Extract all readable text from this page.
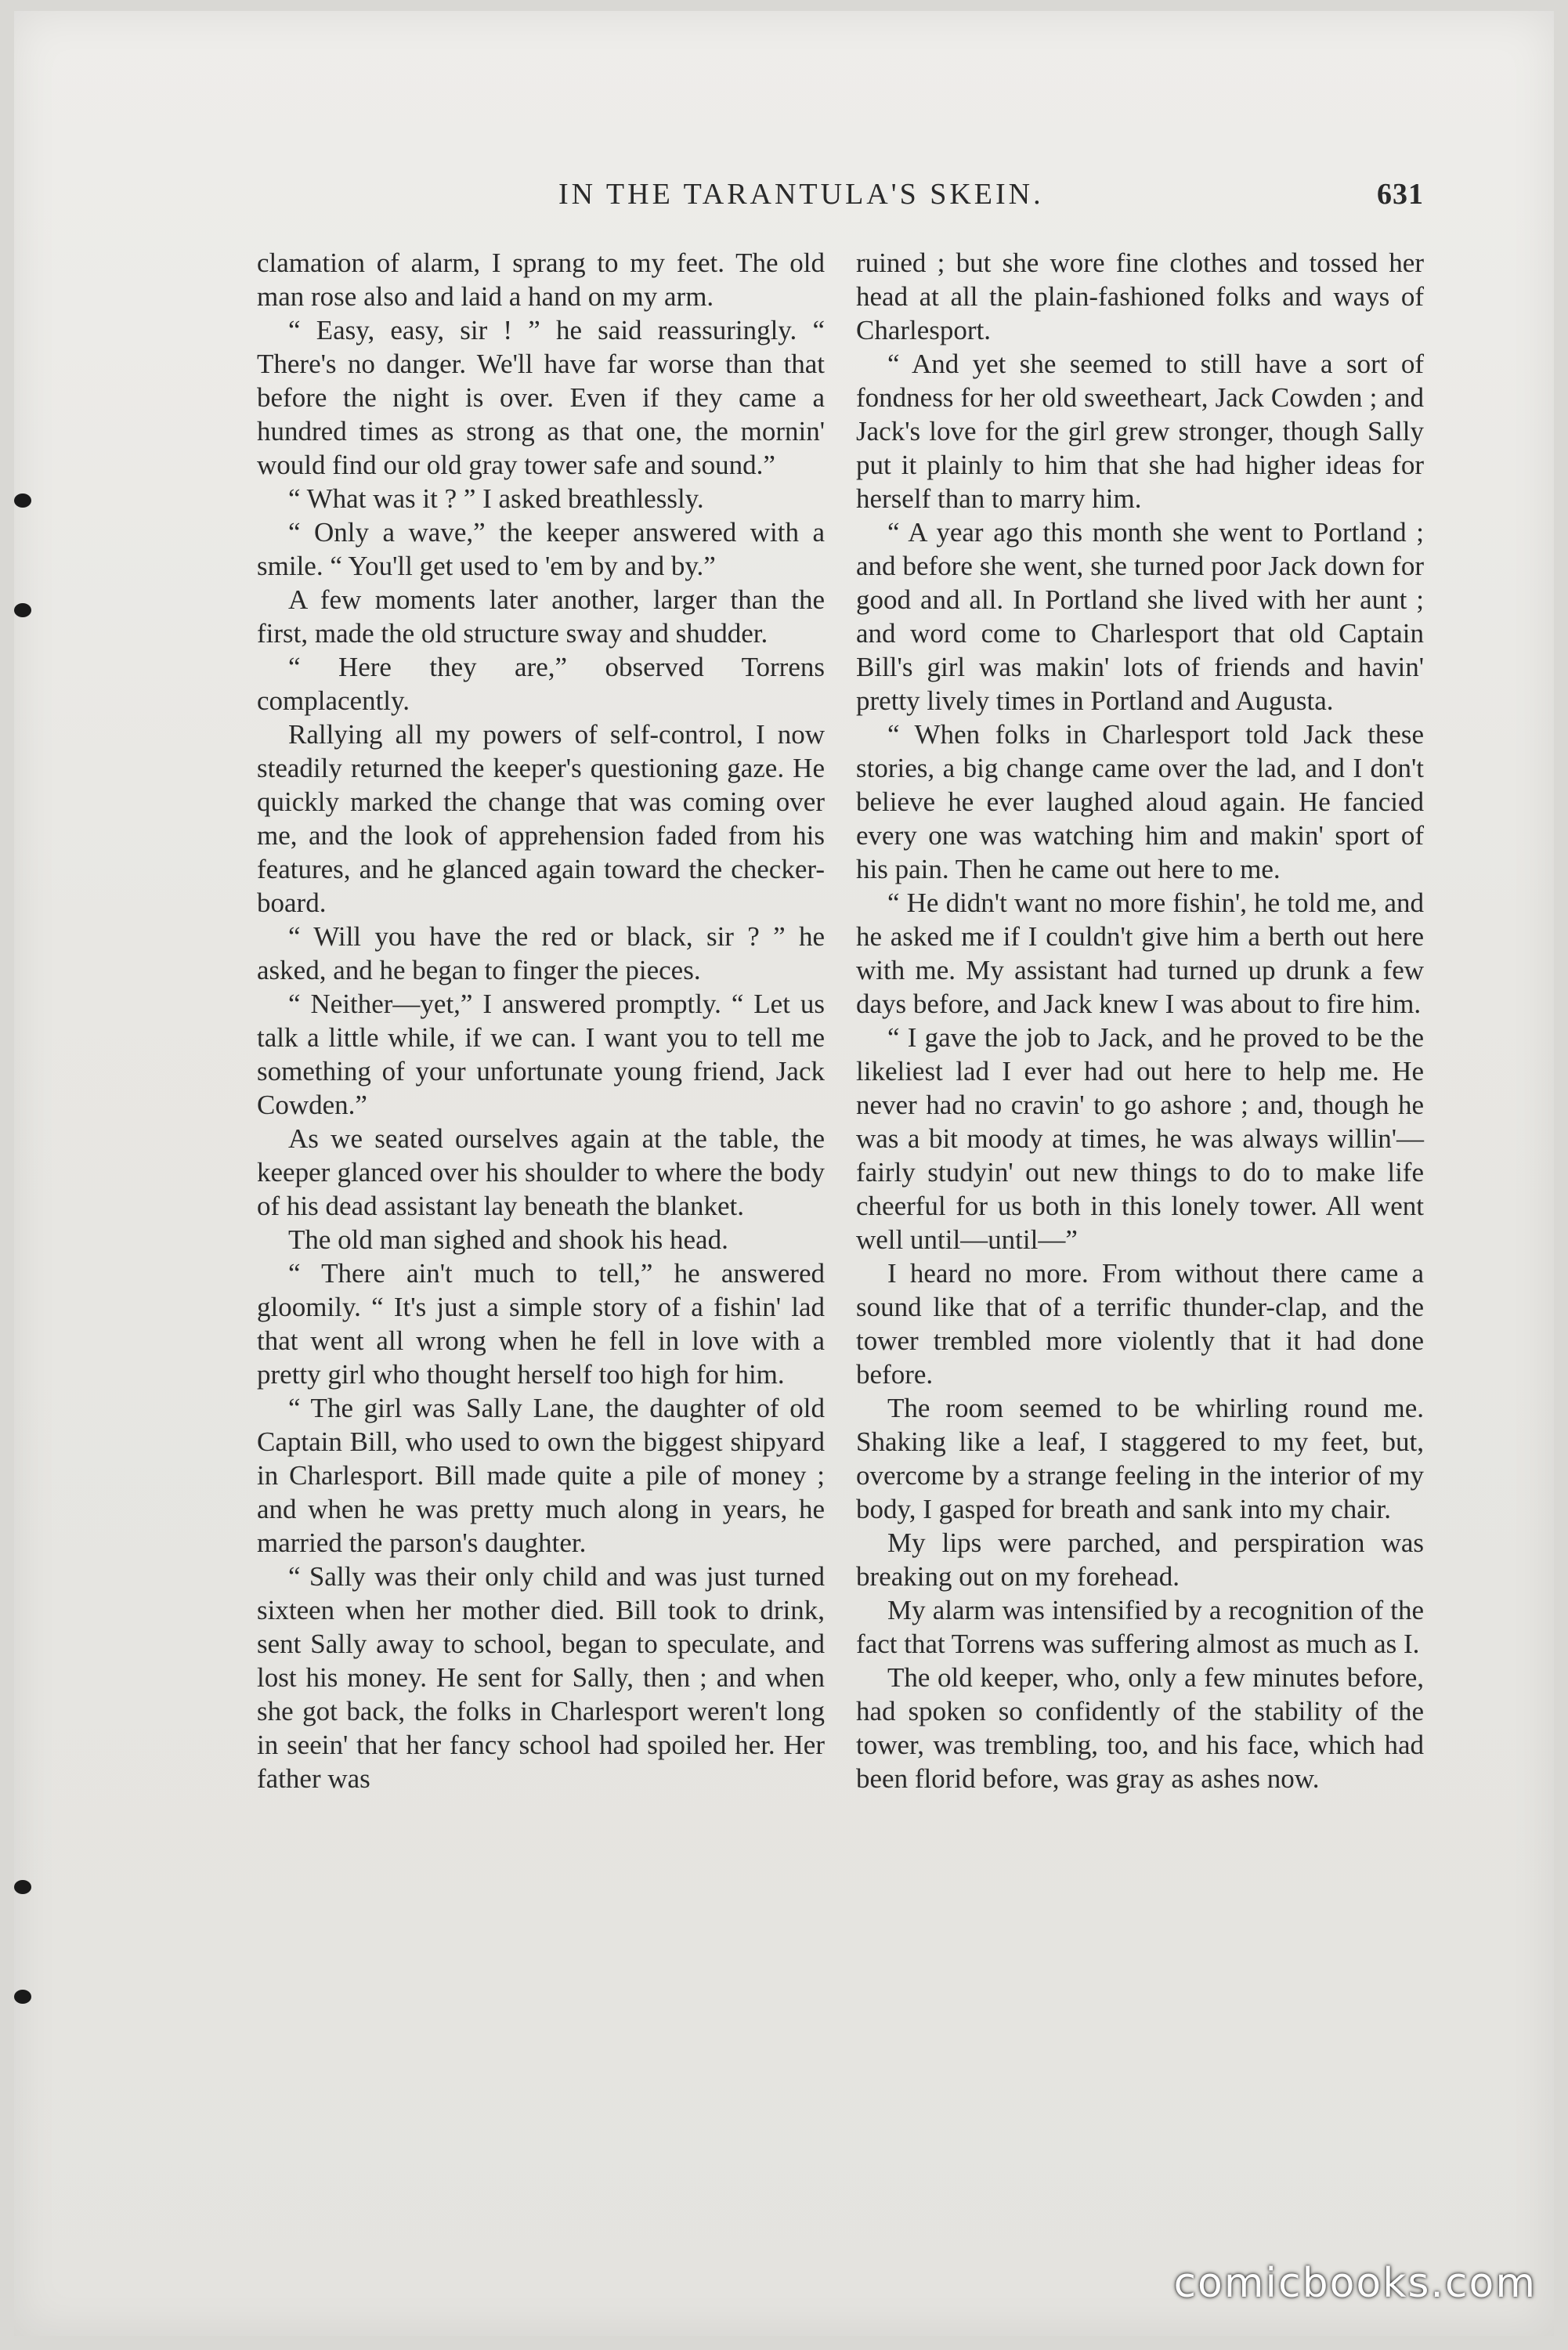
IN THE TARANTULA'S SKEIN.	631

clamation of alarm, I sprang to my feet. The old man rose also and laid a hand on my arm.

“ Easy, easy, sir ! ” he said reassuringly. “ There's no danger. We'll have far worse than that before the night is over. Even if they came a hundred times as strong as that one, the mornin' would find our old gray tower safe and sound.”

“ What was it ? ” I asked breathlessly.

“ Only a wave,” the keeper answered with a smile. “ You'll get used to 'em by and by.”

A few moments later another, larger than the first, made the old structure sway and shudder.

“ Here they are,” observed Torrens complacently.

Rallying all my powers of self-control, I now steadily returned the keeper's questioning gaze. He quickly marked the change that was coming over me, and the look of apprehension faded from his features, and he glanced again toward the checker-board.

“ Will you have the red or black, sir ? ” he asked, and he began to finger the pieces.

“ Neither—yet,” I answered promptly. “ Let us talk a little while, if we can. I want you to tell me something of your unfortunate young friend, Jack Cowden.”

As we seated ourselves again at the table, the keeper glanced over his shoulder to where the body of his dead assistant lay beneath the blanket.

The old man sighed and shook his head.

“ There ain't much to tell,” he answered gloomily. “ It's just a simple story of a fishin' lad that went all wrong when he fell in love with a pretty girl who thought herself too high for him.

“ The girl was Sally Lane, the daughter of old Captain Bill, who used to own the biggest shipyard in Charlesport. Bill made quite a pile of money ; and when he was pretty much along in years, he married the parson's daughter.

“ Sally was their only child and was just turned sixteen when her mother died. Bill took to drink, sent Sally away to school, began to speculate, and lost his money. He sent for Sally, then ; and when she got back, the folks in Charlesport weren't long in seein' that her fancy school had spoiled her. Her father was

ruined ; but she wore fine clothes and tossed her head at all the plain-fashioned folks and ways of Charlesport.

“ And yet she seemed to still have a sort of fondness for her old sweetheart, Jack Cowden ; and Jack's love for the girl grew stronger, though Sally put it plainly to him that she had higher ideas for herself than to marry him.

“ A year ago this month she went to Portland ; and before she went, she turned poor Jack down for good and all. In Portland she lived with her aunt ; and word come to Charlesport that old Captain Bill's girl was makin' lots of friends and havin' pretty lively times in Portland and Augusta.

“ When folks in Charlesport told Jack these stories, a big change came over the lad, and I don't believe he ever laughed aloud again. He fancied every one was watching him and makin' sport of his pain. Then he came out here to me.

“ He didn't want no more fishin', he told me, and he asked me if I couldn't give him a berth out here with me. My assistant had turned up drunk a few days before, and Jack knew I was about to fire him.

“ I gave the job to Jack, and he proved to be the likeliest lad I ever had out here to help me. He never had no cravin' to go ashore ; and, though he was a bit moody at times, he was always willin'—fairly studyin' out new things to do to make life cheerful for us both in this lonely tower. All went well until—until—”

I heard no more. From without there came a sound like that of a terrific thunder-clap, and the tower trembled more violently that it had done before.

The room seemed to be whirling round me. Shaking like a leaf, I staggered to my feet, but, overcome by a strange feeling in the interior of my body, I gasped for breath and sank into my chair.

My lips were parched, and perspiration was breaking out on my forehead.

My alarm was intensified by a recognition of the fact that Torrens was suffering almost as much as I.

The old keeper, who, only a few minutes before, had spoken so confidently of the stability of the tower, was trembling, too, and his face, which had been florid before, was gray as ashes now.

comicbooks.com
